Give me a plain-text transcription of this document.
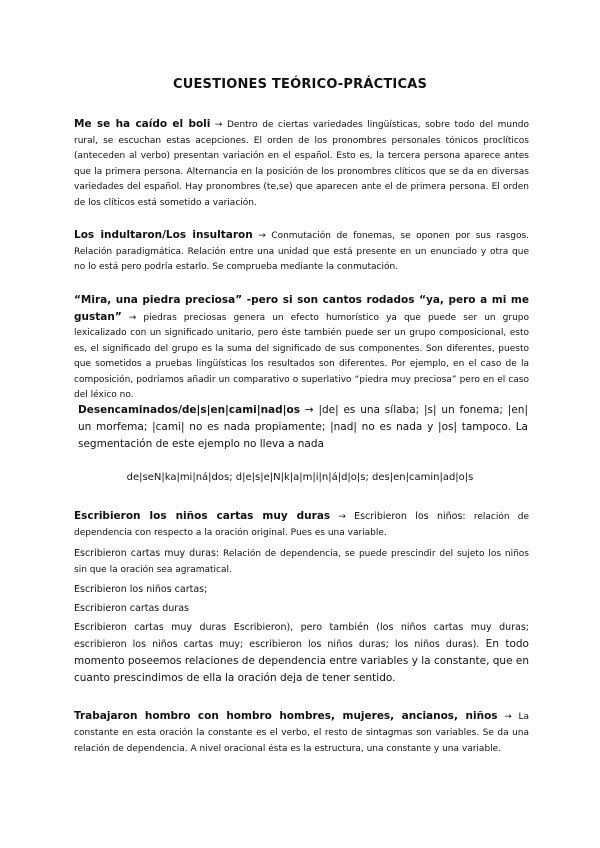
CUESTIONES TEÓRICO-PRÁCTICAS

Me se ha caído el boli → Dentro de ciertas variedades lingüísticas, sobre todo del mundo rural, se escuchan estas acepciones. El orden de los pronombres personales tónicos proclíticos (anteceden al verbo) presentan variación en el español. Esto es, la tercera persona aparece antes que la primera persona. Alternancia en la posición de los pronombres clíticos que se da en diversas variedades del español. Hay pronombres (te,se) que aparecen ante el de primera persona. El orden de los clíticos está sometido a variación.

Los indultaron/Los insultaron → Conmutación de fonemas, se oponen por sus rasgos. Relación paradigmática. Relación entre una unidad que está presente en un enunciado y otra que no lo está pero podría estarlo. Se comprueba mediante la conmutación.

“Mira, una piedra preciosa” -pero si son cantos rodados “ya, pero a mi me gustan” → piedras preciosas genera un efecto humorístico ya que puede ser un grupo lexicalizado con un significado unitario, pero éste también puede ser un grupo composicional, esto es, el significado del grupo es la suma del significado de sus componentes. Son diferentes, puesto que sometidos a pruebas lingüísticas los resultados son diferentes. Por ejemplo, en el caso de la composición, podríamos añadir un comparativo o superlativo “piedra muy preciosa” pero en el caso del léxico no.

Desencaminados/de|s|en|cami|nad|os → |de| es una sílaba; |s| un fonema; |en| un morfema; |cami| no es nada propiamente; |nad| no es nada y |os| tampoco. La segmentación de este ejemplo no lleva a nada

de|seN|ka|mi|ná|dos; d|e|s|e|N|k|a|m|i|n|á|d|o|s; des|en|camin|ad|o|s

Escribieron los niños cartas muy duras → Escribieron los niños: relación de dependencia con respecto a la oración original. Pues es una variable.

Escribieron cartas muy duras: Relación de dependencia, se puede prescindir del sujeto los niños sin que la oración sea agramatical.

Escribieron los niños cartas;

Escribieron cartas duras

Escribieron cartas muy duras Escribieron), pero también (los niños cartas muy duras; escribieron los niños cartas muy; escribieron los niños duras; los niños duras). En todo momento poseemos relaciones de dependencia entre variables y la constante, que en cuanto prescindimos de ella la oración deja de tener sentido.

Trabajaron hombro con hombro hombres, mujeres, ancianos, niños → La constante en esta oración la constante es el verbo, el resto de sintagmas son variables. Se da una relación de dependencia. A nivel oracional ésta es la estructura, una constante y una variable.
